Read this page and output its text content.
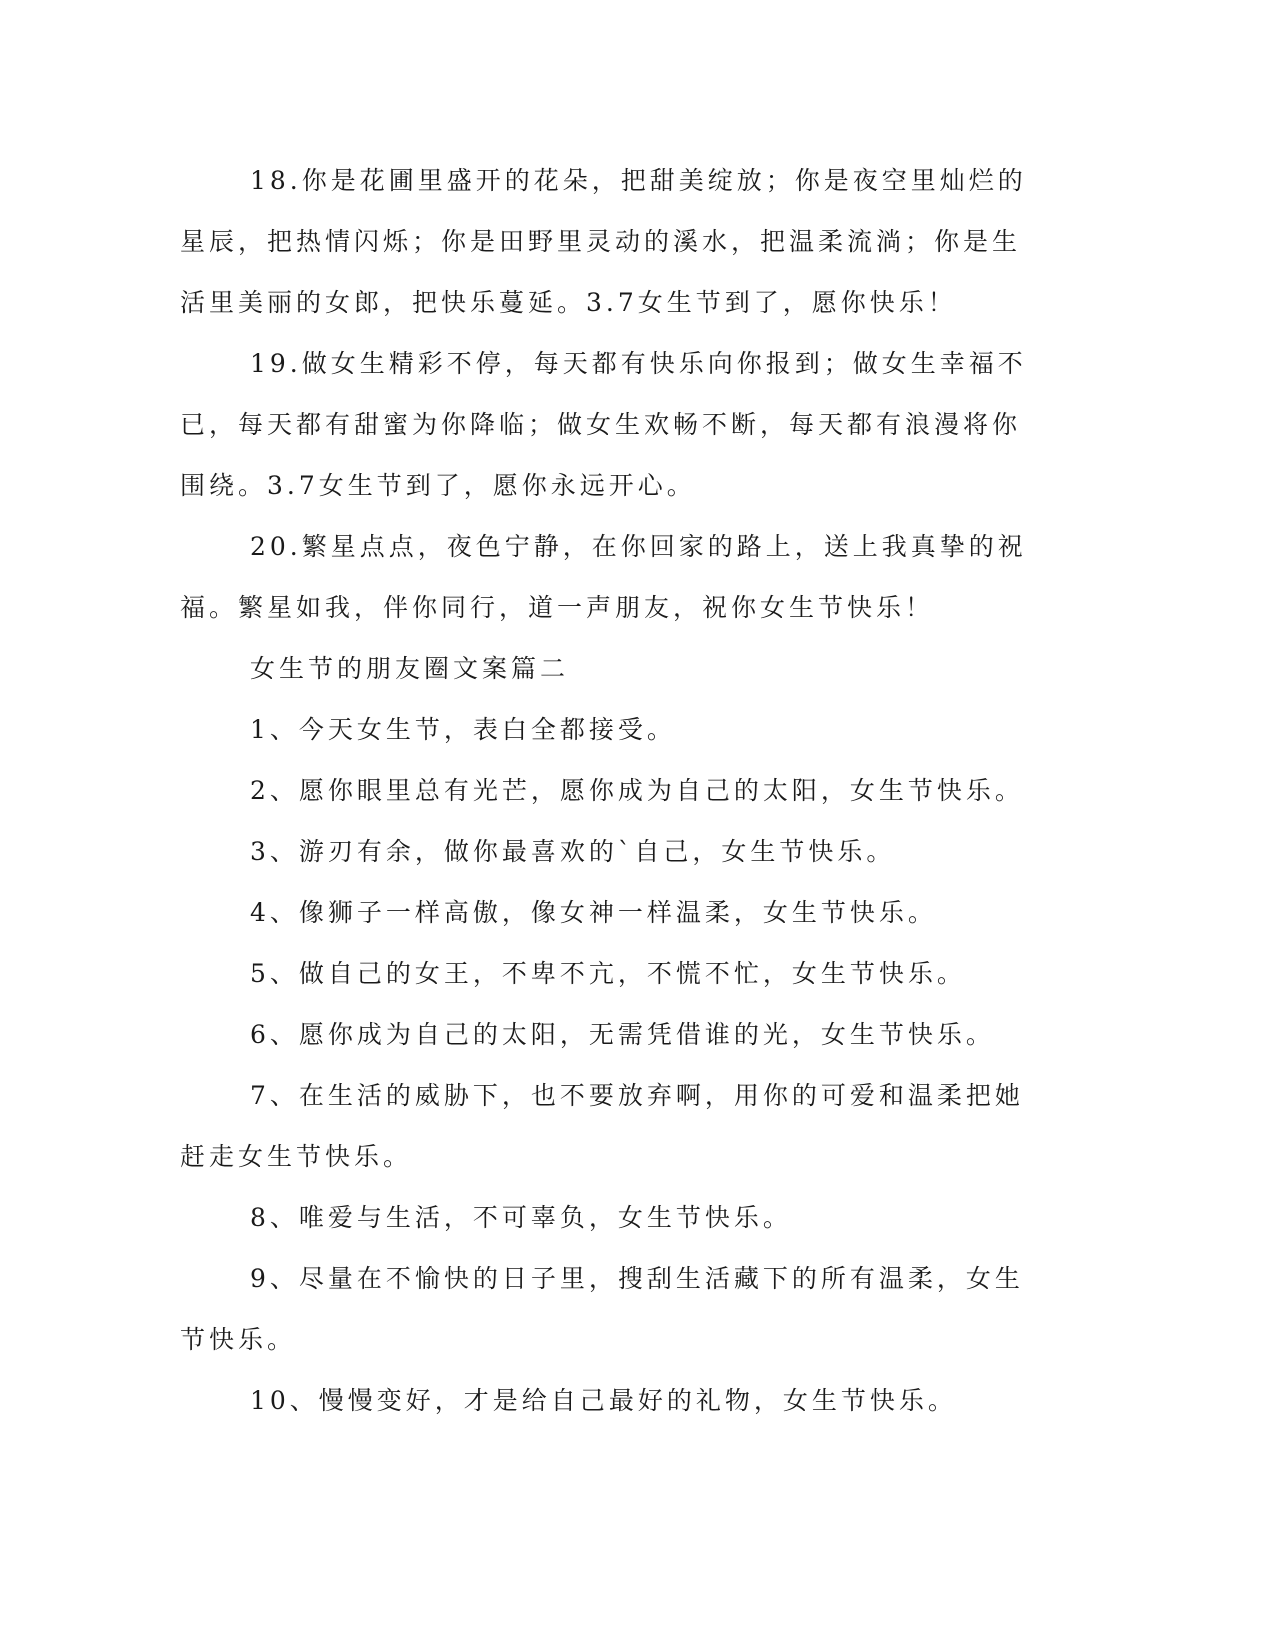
18.你是花圃里盛开的花朵，把甜美绽放；你是夜空里灿烂的星辰，把热情闪烁；你是田野里灵动的溪水，把温柔流淌；你是生活里美丽的女郎，把快乐蔓延。3.7女生节到了，愿你快乐！

19.做女生精彩不停，每天都有快乐向你报到；做女生幸福不已，每天都有甜蜜为你降临；做女生欢畅不断，每天都有浪漫将你围绕。3.7女生节到了，愿你永远开心。

20.繁星点点，夜色宁静，在你回家的路上，送上我真挚的祝福。繁星如我，伴你同行，道一声朋友，祝你女生节快乐！

女生节的朋友圈文案篇二

1、今天女生节，表白全都接受。

2、愿你眼里总有光芒，愿你成为自己的太阳，女生节快乐。

3、游刃有余，做你最喜欢的`自己，女生节快乐。

4、像狮子一样高傲，像女神一样温柔，女生节快乐。

5、做自己的女王，不卑不亢，不慌不忙，女生节快乐。

6、愿你成为自己的太阳，无需凭借谁的光，女生节快乐。

7、在生活的威胁下，也不要放弃啊，用你的可爱和温柔把她赶走女生节快乐。

8、唯爱与生活，不可辜负，女生节快乐。

9、尽量在不愉快的日子里，搜刮生活藏下的所有温柔，女生节快乐。

10、慢慢变好，才是给自己最好的礼物，女生节快乐。
